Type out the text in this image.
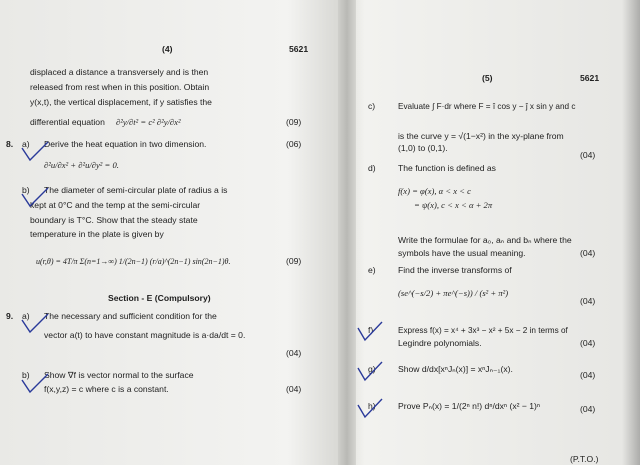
(4)	5621
displaced a distance a transversely and is then
released from rest when in this position. Obtain
y(x,t), the vertical displacement, if y satisfies the
differential equation ∂²y/∂t² = c² ∂²y/∂x²	(09)
8. a) Derive the heat equation in two dimension.	(06)
∂²u/∂x² + ∂²u/∂y² = 0.
b) The diameter of semi-circular plate of radius a is
kept at 0°C and the temp at the semi-circular
boundary is T°C. Show that the steady state
temperature in the plate is given by
u(r,θ) = 4T/π Σ(n=1→∞) 1/(2n−1) (r/a)^(2n−1) sin(2n−1)θ.	(09)
Section - E (Compulsory)
9. a) The necessary and sufficient condition for the
vector a(t) to have constant magnitude is a·da/dt = 0.
(04)
b) Show ∇f is vector normal to the surface
f(x,y,z) = c where c is a constant.	(04)
(5)	5621
c)	Evaluate ∫ F·dr where F = î cos y − ĵ x sin y and c
is the curve y = √(1−x²) in the xy-plane from
(1,0) to (0,1).
(04)
d)	The function is defined as
f(x) = φ(x), α < x < c
= ψ(x), c < x < α + 2π
Write the formulae for a₀, aₙ and bₙ where the
symbols have the usual meaning.	(04)
e)	Find the inverse transforms of
(se^(−s/2) + πe^(−s)) / (s² + π²)
(04)
f)	Express f(x) = x⁴ + 3x³ − x² + 5x − 2 in terms of
Legindre polynomials.	(04)
g)	Show d/dx[xⁿJₙ(x)] = xⁿJₙ₋₁(x).
(04)
h)	Prove Pₙ(x) = 1/(2ⁿ n!) dⁿ/dxⁿ (x² − 1)ⁿ	(04)
(P.T.O.)
